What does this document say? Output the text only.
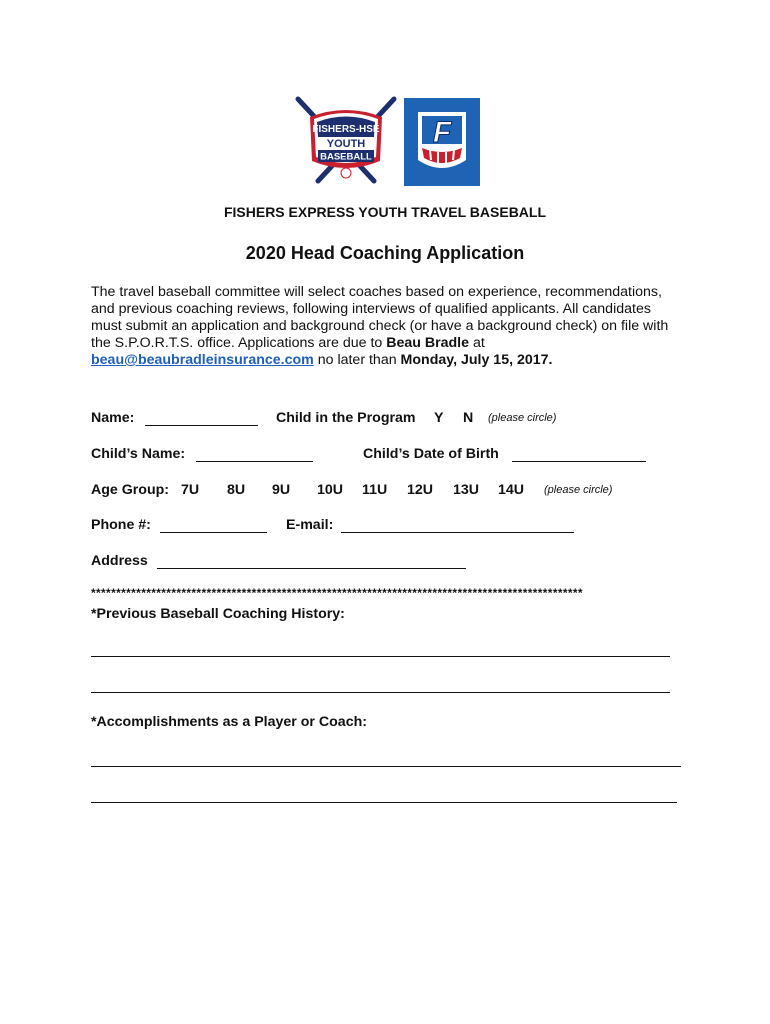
FISHERS-HSE
YOUTH
BASEBALL
F
FISHERS EXPRESS YOUTH TRAVEL BASEBALL
2020 Head Coaching Application
The travel baseball committee will select coaches based on experience, recommendations, and previous coaching reviews, following interviews of qualified applicants. All candidates must submit an application and background check (or have a background check) on file with the S.P.O.R.T.S. office. Applications are due to Beau Bradle at beau@beaubradleinsurance.com no later than Monday, July 15, 2017.
Name:	Child in the Program Y N (please circle)
Child’s Name:	Child’s Date of Birth
Age Group: 7U 8U 9U 10U 11U 12U 13U 14U (please circle)
Phone #:	E-mail:
Address
**************************************************************************************************
*Previous Baseball Coaching History:
*Accomplishments as a Player or Coach:
